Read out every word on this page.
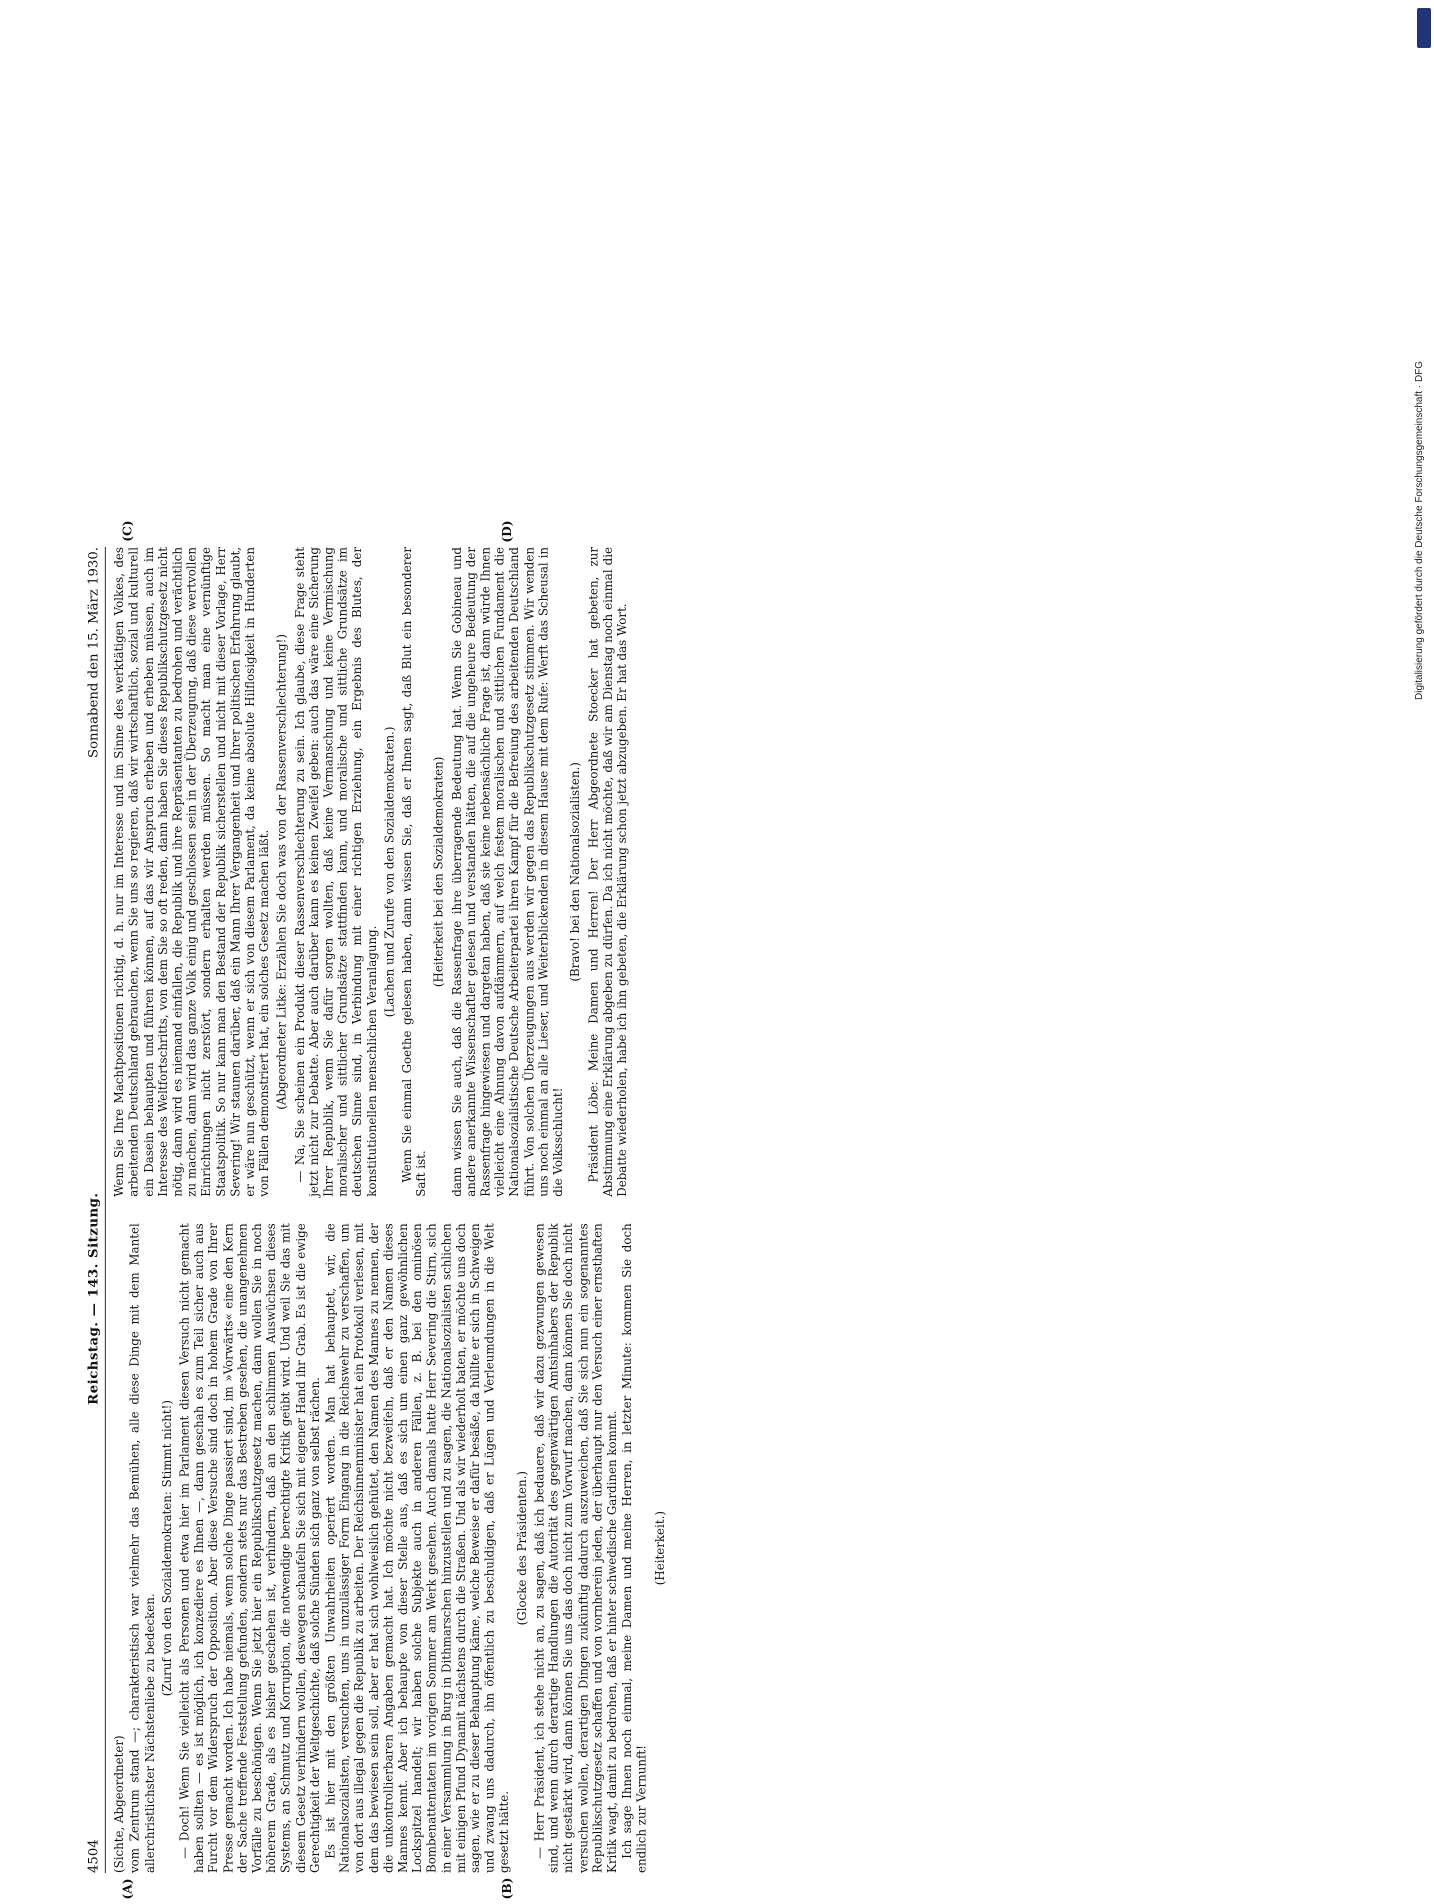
4504
Reichstag. — 143. Sitzung.
Sonnabend den 15. März 1930.
(A)	(B)

(Sichte, Abgeordneter) vom Zentrum stand —; charakteristisch war vielmehr das Bemühen, alle diese Dinge mit dem Mantel allerchristlichster Nächstenliebe zu bedecken.

(Zuruf von den Sozialdemokraten: Stimmt nicht!) — Doch! Wenn Sie vielleicht als Personen und etwa hier im Parlament diesen Versuch nicht gemacht haben sollten — es ist möglich, ich konzediere es Ihnen —, dann geschah es zum Teil sicher auch aus Furcht vor dem Widerspruch der Opposition. Aber diese Versuche sind doch in hohem Grade von Ihrer Presse gemacht worden. Ich habe niemals, wenn solche Dinge passiert sind, im »Vorwärts« eine den Kern der Sache treffende Feststellung gefunden, sondern stets nur das Bestreben gesehen, die unangenehmen Vorfälle zu beschönigen. Wenn Sie jetzt hier ein Republikschutzgesetz machen, dann wollen Sie in noch höherem Grade, als es bisher geschehen ist, verhindern, daß an den schlimmen Auswüchsen dieses Systems, an Schmutz und Korruption, die notwendige berechtigte Kritik geübt wird. Und weil Sie das mit diesem Gesetz verhindern wollen, deswegen schaufeln Sie sich mit eigener Hand ihr Grab. Es ist die ewige Gerechtigkeit der Weltgeschichte, daß solche Sünden sich ganz von selbst rächen. Es ist hier mit den größten Unwahrheiten operiert worden. Man hat behauptet, wir, die Nationalsozialisten, versuchten, uns in unzulässiger Form Eingang in die Reichswehr zu verschaffen, um von dort aus illegal gegen die Republik zu arbeiten. Der Reichsinnenminister hat ein Protokoll verlesen, mit dem das bewiesen sein soll, aber er hat sich wohlweislich gehütet, den Namen des Mannes zu nennen, der die unkontrollierbaren Angaben gemacht hat. Ich möchte nicht bezweifeln, daß er den Namen dieses Mannes kennt. Aber ich behaupte von dieser Stelle aus, daß es sich um einen ganz gewöhnlichen Lockspitzel handelt; wir haben solche Subjekte auch in anderen Fällen, z. B. bei den ominösen Bombenattentaten im vorigen Sommer am Werk gesehen. Auch damals hatte Herr Severing die Stirn, sich in einer Versammlung in Burg in Dithmarschen hinzustellen und zu sagen, die Nationalsozialisten schlichen mit einigen Pfund Dynamit nächstens durch die Straßen. Und als wir wiederholt baten, er möchte uns doch sagen, wie er zu dieser Behauptung käme, welche Beweise er dafür besäße, da hüllte er sich in Schweigen und zwang uns dadurch, ihn öffentlich zu beschuldigen, daß er Lügen und Verleumdungen in die Welt gesetzt hätte.

(Glocke des Präsidenten.) — Herr Präsident, ich stehe nicht an, zu sagen, daß ich bedauere, daß wir dazu gezwungen gewesen sind, und wenn durch derartige Handlungen die Autorität des gegenwärtigen Amtsinhabers der Republik nicht gestärkt wird, dann können Sie uns das doch nicht zum Vorwurf machen, dann können Sie doch nicht versuchen wollen, derartigen Dingen zukünftig dadurch auszuweichen, daß Sie sich nun ein sogenanntes Republikschutzgesetz schaffen und von vornherein jeden, der überhaupt nur den Versuch einer ernsthaften Kritik wagt, damit zu bedrohen, daß er hinter schwedische Gardinen kommt. Ich sage Ihnen noch einmal, meine Damen und meine Herren, in letzter Minute: kommen Sie doch endlich zur Vernunft!

(Heiterkeit.)

(C)	(D)

Wenn Sie Ihre Machtpositionen richtig, d. h. nur im Interesse und im Sinne des werktätigen Volkes, des arbeitenden Deutschland gebrauchen, wenn Sie uns so regieren, daß wir wirtschaftlich, sozial und kulturell ein Dasein behaupten und führen können, auf das wir Anspruch erheben und erheben müssen, auch im Interesse des Weltfortschritts, von dem Sie so oft reden, dann haben Sie dieses Republikschutzgesetz nicht nötig, dann wird es niemand einfallen, die Republik und ihre Repräsentanten zu bedrohen und verächtlich zu machen, dann wird das ganze Volk einig und geschlossen sein in der Überzeugung, daß diese wertvollen Einrichtungen nicht zerstört, sondern erhalten werden müssen. So macht man eine vernünftige Staatspolitik. So nur kann man den Bestand der Republik sicherstellen und nicht mit dieser Vorlage, Herr Severing! Wir staunen darüber, daß ein Mann Ihrer Vergangenheit und Ihrer politischen Erfahrung glaubt, er wäre nun geschützt, wenn er sich von diesem Parlament, da keine absolute Hilflosigkeit in Hunderten von Fällen demonstriert hat, ein solches Gesetz machen läßt. (Abgeordneter Litke: Erzählen Sie doch was von der Rassenverschlechterung!) — Na, Sie scheinen ein Produkt dieser Rassenverschlechterung zu sein. Ich glaube, diese Frage steht jetzt nicht zur Debatte. Aber auch darüber kann es keinen Zweifel geben: auch das wäre eine Sicherung Ihrer Republik, wenn Sie dafür sorgen wollten, daß keine Vermanschung und keine Vermischung moralischer und sittlicher Grundsätze stattfinden kann, und moralische und sittliche Grundsätze im deutschen Sinne sind, in Verbindung mit einer richtigen Erziehung, ein Ergebnis des Blutes, der konstitutionellen menschlichen Veranlagung.

(Lachen und Zurufe von den Sozialdemokraten.) Wenn Sie einmal Goethe gelesen haben, dann wissen Sie, daß er Ihnen sagt, daß Blut ein besonderer Saft ist.

(Heiterkeit bei den Sozialdemokraten) dann wissen Sie auch, daß die Rassenfrage ihre überragende Bedeutung hat. Wenn Sie Gobineau und andere anerkannte Wissenschaftler gelesen und verstanden hätten, die auf die ungeheure Bedeutung der Rassenfrage hingewiesen und dargetan haben, daß sie keine nebensächliche Frage ist, dann würde Ihnen vielleicht eine Ahnung davon aufdämmern, auf welch festem moralischen und sittlichen Fundament die Nationalsozialistische Deutsche Arbeiterpartei ihren Kampf für die Befreiung des arbeitenden Deutschland führt. Von solchen Überzeugungen aus werden wir gegen das Republikschutzgesetz stimmen. Wir wenden uns noch einmal an alle Lieser, und Weiterblickenden in diesem Hause mit dem Rufe: Werft das Scheusal in die Volksschlucht!

(Bravo! bei den Nationalsozialisten.) Präsident Löbe: Meine Damen und Herren! Der Herr Abgeordnete Stoecker hat gebeten, zur Abstimmung eine Erklärung abgeben zu dürfen. Da ich nicht möchte, daß wir am Dienstag noch einmal die Debatte wiederholen, habe ich ihn gebeten, die Erklärung schon jetzt abzugeben. Er hat das Wort.

Digitalisierung gefördert durch die Deutsche Forschungsgemeinschaft · DFG
